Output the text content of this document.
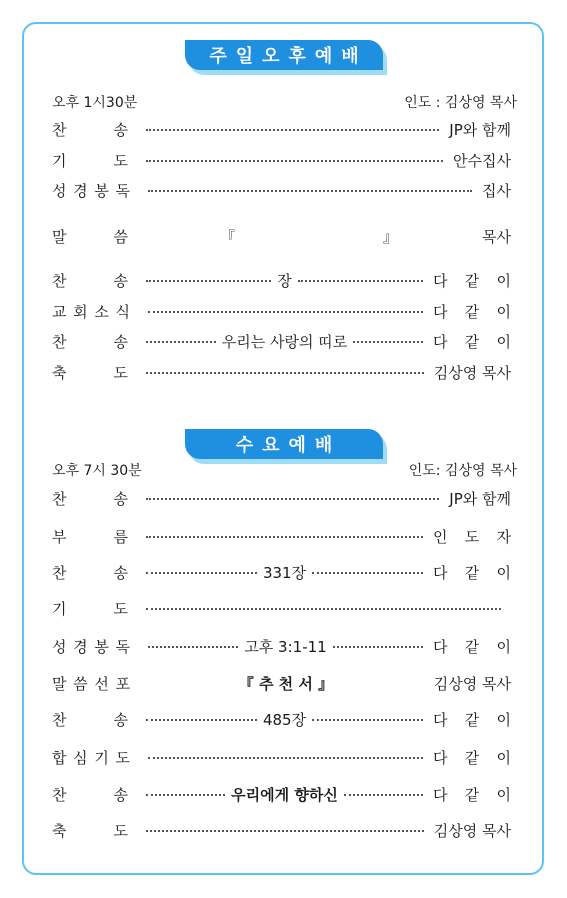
주일오후예배
오후 1시30분	인도 : 김상영 목사
찬	송	JP와 함께
기	도	안수집사
성 경 봉 독	집사
말	씀	『                               』	목사
찬	송	장	다 같 이
교 회 소 식	다 같 이
찬	송	우리는 사랑의 띠로	다 같 이
축	도	김상영 목사
수요예배
오후 7시 30분	인도: 김상영 목사
찬	송	JP와 함께
부	름	인 도 자
찬	송	331장	다 같 이
기	도
성 경 봉 독	고후 3:1-11	다 같 이
말 씀 선 포	『 추 천 서 』	김상영 목사
찬	송	485장	다 같 이
합 심 기 도	다 같 이
찬	송	우리에게 향하신	다 같 이
축	도	김상영 목사
